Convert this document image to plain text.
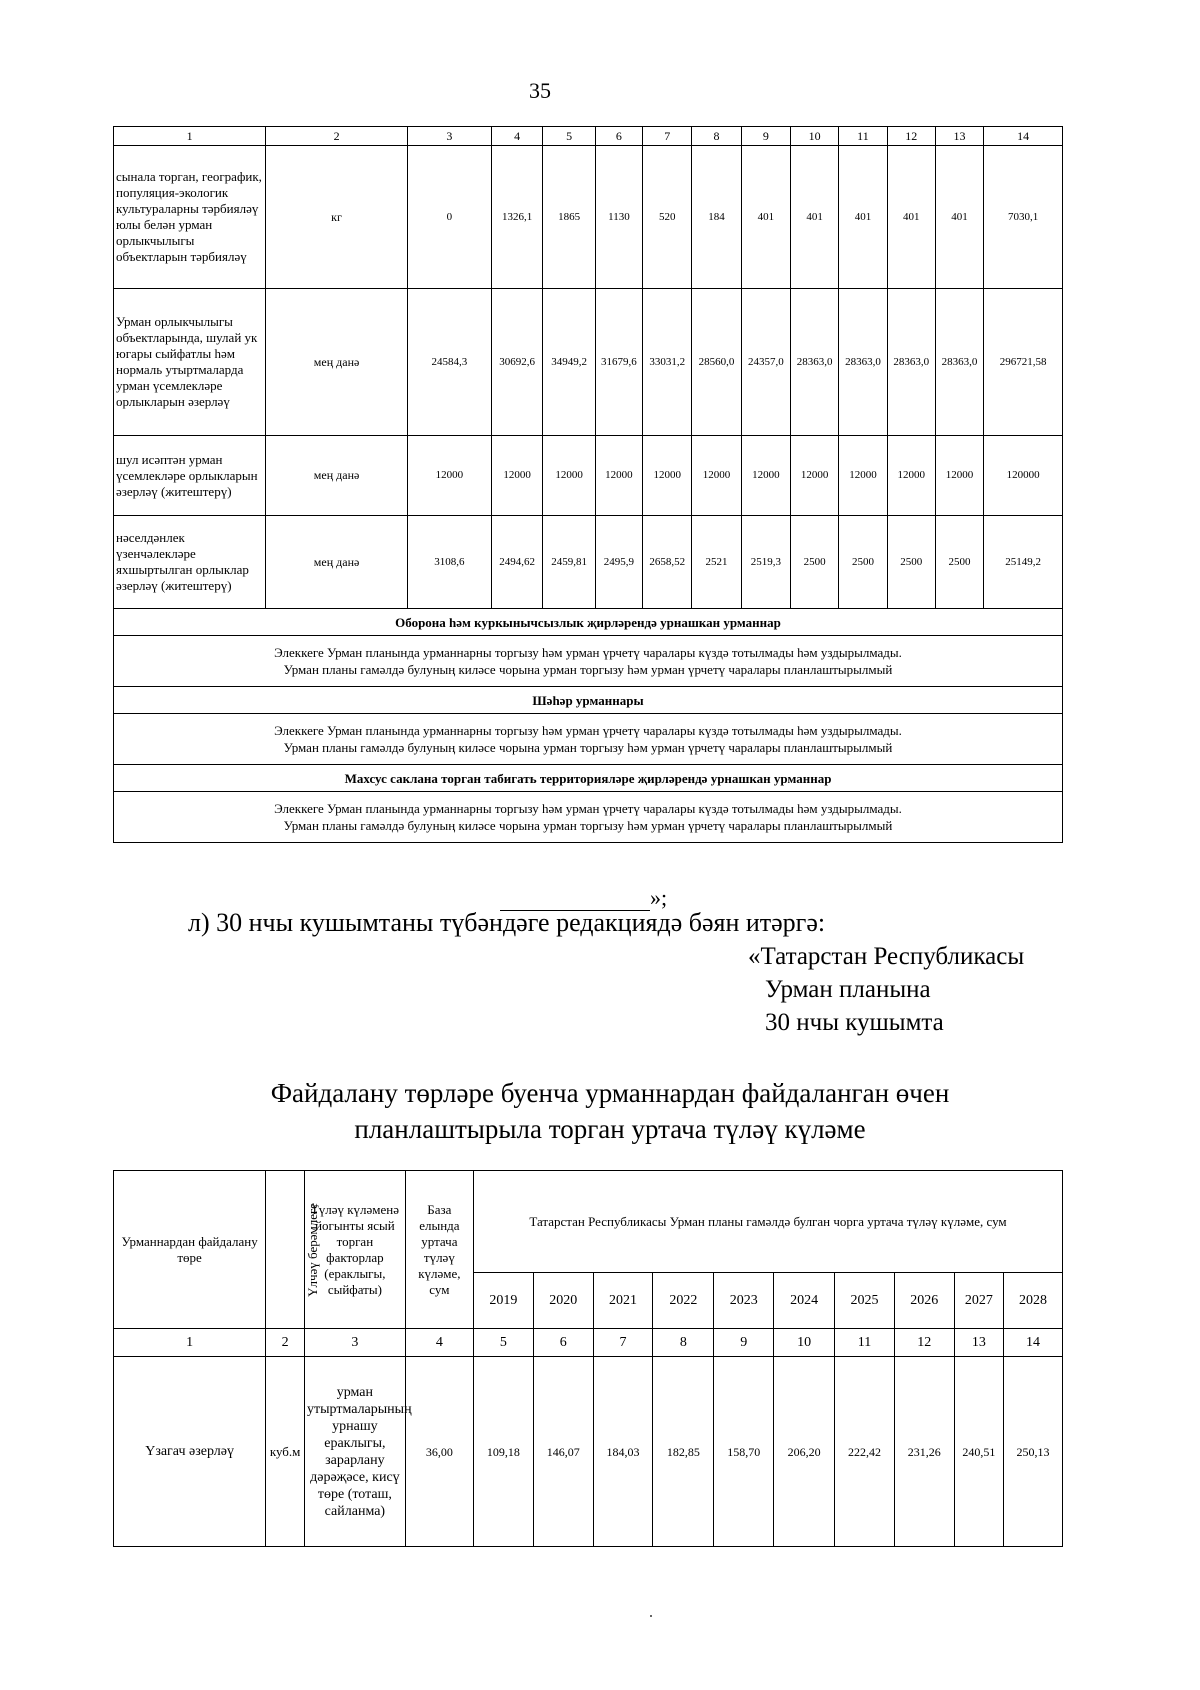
35
1	2	3	4	5	6	7	8	9	10	11	12	13	14
сынала торган, географик, популяция-экологик культураларны тәрбияләү юлы белән урман орлыкчылыгы объектларын тәрбияләү	кг	0	1326,1	1865	1130	520	184	401	401	401	401	401	7030,1
Урман орлыкчылыгы объектларында, шулай ук югары сыйфатлы һәм нормаль утыртмаларда урман үсемлекләре орлыкларын әзерләү	мең данә	24584,3	30692,6	34949,2	31679,6	33031,2	28560,0	24357,0	28363,0	28363,0	28363,0	28363,0	296721,58
шул исәптән урман үсемлекләре орлыкларын әзерләү (житештерү)	мең данә	12000	12000	12000	12000	12000	12000	12000	12000	12000	12000	12000	120000
нәселдәнлек үзенчәлекләре яхшыртылган орлыклар әзерләү (житештерү)	мең данә	3108,6	2494,62	2459,81	2495,9	2658,52	2521	2519,3	2500	2500	2500	2500	25149,2
Оборона һәм куркынычсызлык җирләрендә урнашкан урманнар													

Элеккеге Урман планында урманнарны торгызу һәм урман үрчетү чаралары күздә тотылмады һәм уздырылмады.
Урман планы гамәлдә булуның киләсе чорына урман торгызу һәм урман үрчетү чаралары планлаштырылмый													

Шәһәр урманнары													

Элеккеге Урман планында урманнарны торгызу һәм урман үрчетү чаралары күздә тотылмады һәм уздырылмады.
Урман планы гамәлдә булуның киләсе чорына урман торгызу һәм урман үрчетү чаралары планлаштырылмый													

Махсус саклана торган табигать территорияләре җирләрендә урнашкан урманнар													

Элеккеге Урман планында урманнарны торгызу һәм урман үрчетү чаралары күздә тотылмады һәм уздырылмады.
Урман планы гамәлдә булуның киләсе чорына урман торгызу һәм урман үрчетү чаралары планлаштырылмый													
»;
л) 30 нчы кушымтаны түбәндәге редакциядә бәян итәргә:
«Татарстан Республикасы
Урман планына
30 нчы кушымта
Файдалану төрләре буенча урманнардан файдаланган өчен
планлаштырыла торган уртача түләү күләме
Урманнардан файдалану төре	Үлчәү берәмлеге	Түләү күләменә йогынты ясый торган факторлар (ераклыгы, сыйфаты)	База елында уртача түләү күләме, сум	Татарстан Республикасы Урман планы гамәлдә булган чорга уртача түләү күләме, сум									
				2019	2020	2021	2022	2023	2024	2025	2026	2027	2028
1	2	3	4	5	6	7	8	9	10	11	12	13	14
Үзагач әзерләү	куб.м	урман утыртмаларының урнашу ераклыгы, зарарлану дәрәҗәсе, кисү төре (тоташ, сайланма)	36,00	109,18	146,07	184,03	182,85	158,70	206,20	222,42	231,26	240,51	250,13
